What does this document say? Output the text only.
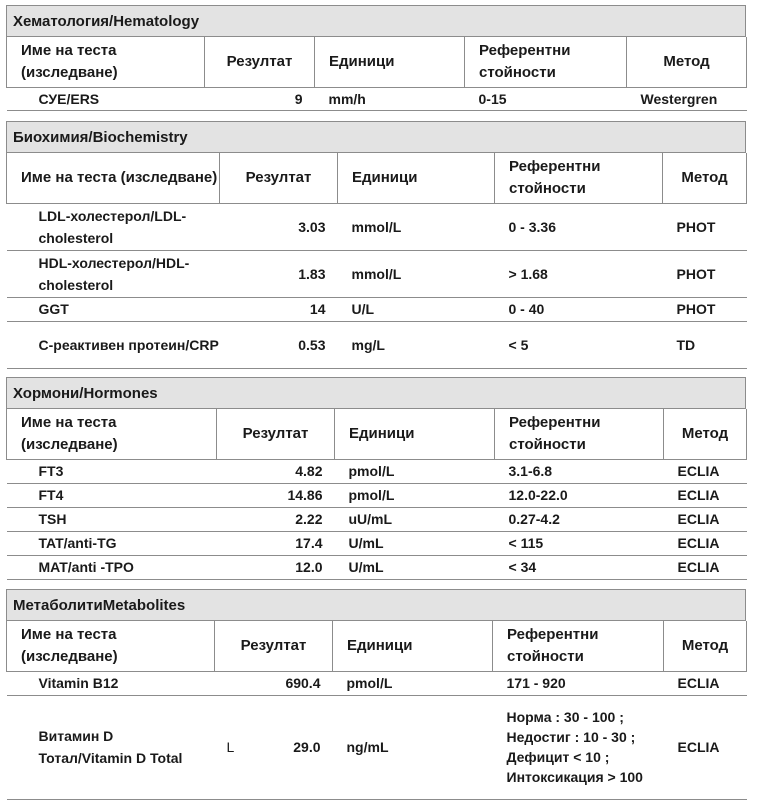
Хематология/Hematology
Име на теста (изследване)	Резултат	Единици	Референтни стойности	Метод
СУЕ/ERS	9	mm/h	0-15	Westergren
Биохимия/Biochemistry
Име на теста (изследване)	Резултат	Единици	Референтни стойности	Метод
LDL-холестерол/LDL-cholesterol	3.03	mmol/L	0 - 3.36	PHOT
HDL-холестерол/HDL-cholesterol	1.83	mmol/L	> 1.68	PHOT
GGT	14	U/L	0 - 40	PHOT
C-реактивен протеин/CRP	0.53	mg/L	< 5	TD
Хормони/Hormones
Име на теста (изследване)	Резултат	Единици	Референтни стойности	Метод
FT3	4.82	pmol/L	3.1-6.8	ECLIA
FT4	14.86	pmol/L	12.0-22.0	ECLIA
TSH	2.22	uU/mL	0.27-4.2	ECLIA
TAT/anti-TG	17.4	U/mL	< 115	ECLIA
MAT/anti -TPO	12.0	U/mL	< 34	ECLIA
МетаболитиMetabolites
Име на теста (изследване)	Резултат	Единици	Референтни стойности	Метод
Vitamin B12	690.4	pmol/L	171 - 920	ECLIA
Витамин D Тотал/Vitamin D Total	L 29.0	ng/mL	Норма : 30 - 100 ; Недостиг : 10 - 30 ; Дефицит < 10 ; Интоксикация > 100	ECLIA
